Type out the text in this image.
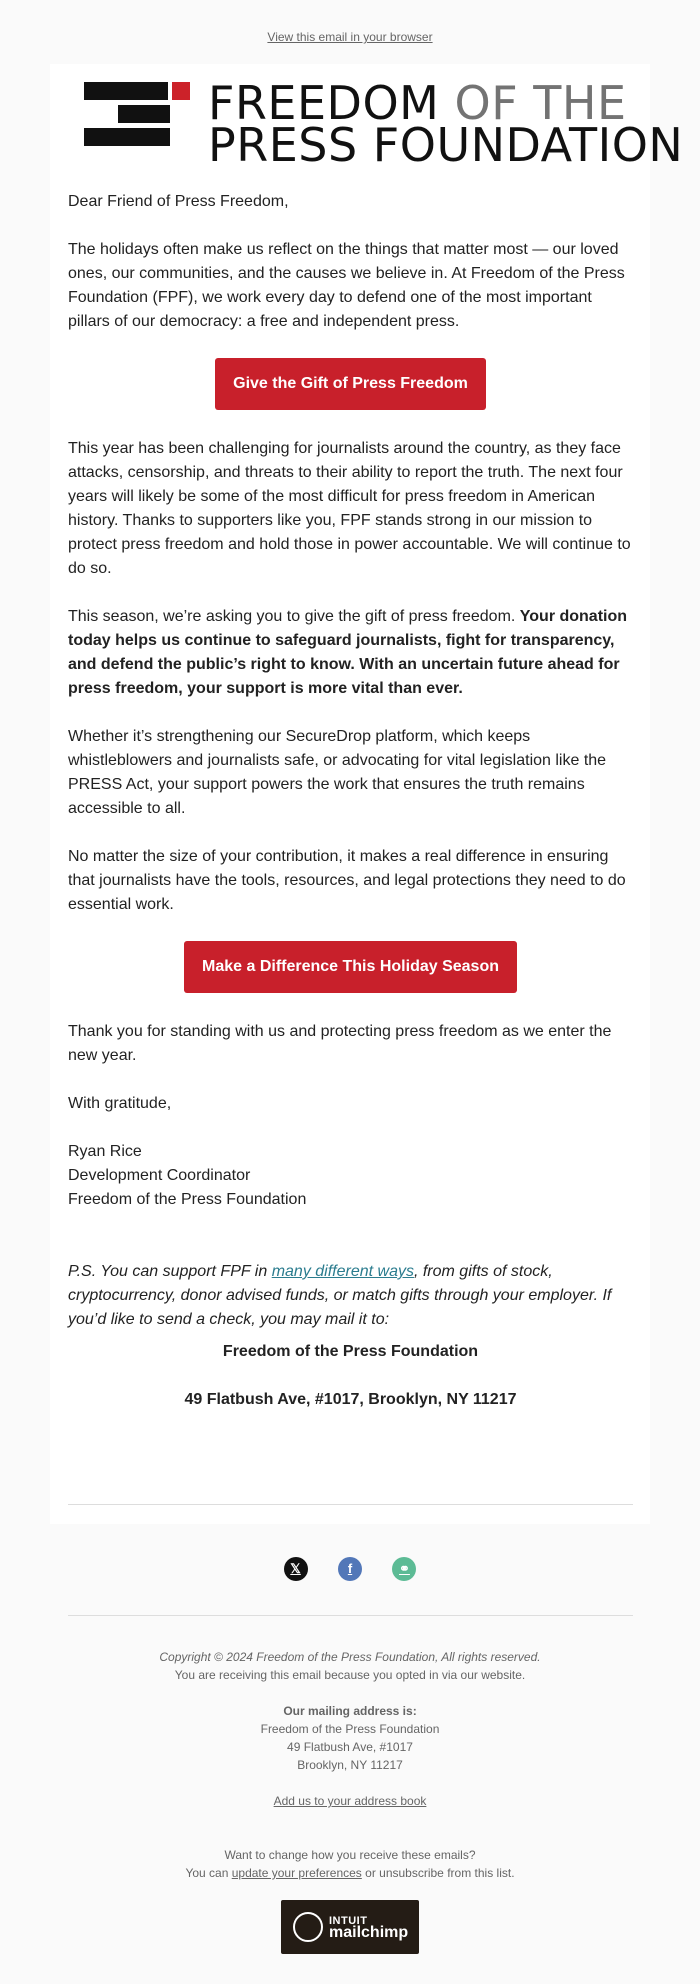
View this email in your browser
FREEDOM OF THE
PRESS FOUNDATION

Dear Friend of Press Freedom,

The holidays often make us reflect on the things that matter most — our loved ones, our communities, and the causes we believe in. At Freedom of the Press Foundation (FPF), we work every day to defend one of the most important pillars of our democracy: a free and independent press.

Give the Gift of Press Freedom

This year has been challenging for journalists around the country, as they face attacks, censorship, and threats to their ability to report the truth. The next four years will likely be some of the most difficult for press freedom in American history. Thanks to supporters like you, FPF stands strong in our mission to protect press freedom and hold those in power accountable. We will continue to do so.

This season, we’re asking you to give the gift of press freedom. Your donation today helps us continue to safeguard journalists, fight for transparency, and defend the public’s right to know. With an uncertain future ahead for press freedom, your support is more vital than ever.

Whether it’s strengthening our SecureDrop platform, which keeps whistleblowers and journalists safe, or advocating for vital legislation like the PRESS Act, your support powers the work that ensures the truth remains accessible to all.

No matter the size of your contribution, it makes a real difference in ensuring that journalists have the tools, resources, and legal protections they need to do essential work.

Make a Difference This Holiday Season

Thank you for standing with us and protecting press freedom as we enter the new year.

With gratitude,

Ryan Rice
Development Coordinator
Freedom of the Press Foundation

P.S. You can support FPF in many different ways, from gifts of stock, cryptocurrency, donor advised funds, or match gifts through your employer. If you’d like to send a check, you may mail it to:

Freedom of the Press Foundation

49 Flatbush Ave, #1017, Brooklyn, NY 11217

𝕏	f	⚭

Copyright © 2024 Freedom of the Press Foundation, All rights reserved.

You are receiving this email because you opted in via our website.

Our mailing address is:

Freedom of the Press Foundation

49 Flatbush Ave, #1017

Brooklyn, NY 11217

Add us to your address book

Want to change how you receive these emails?

You can update your preferences or unsubscribe from this list.

INTUIT
mailchimp
